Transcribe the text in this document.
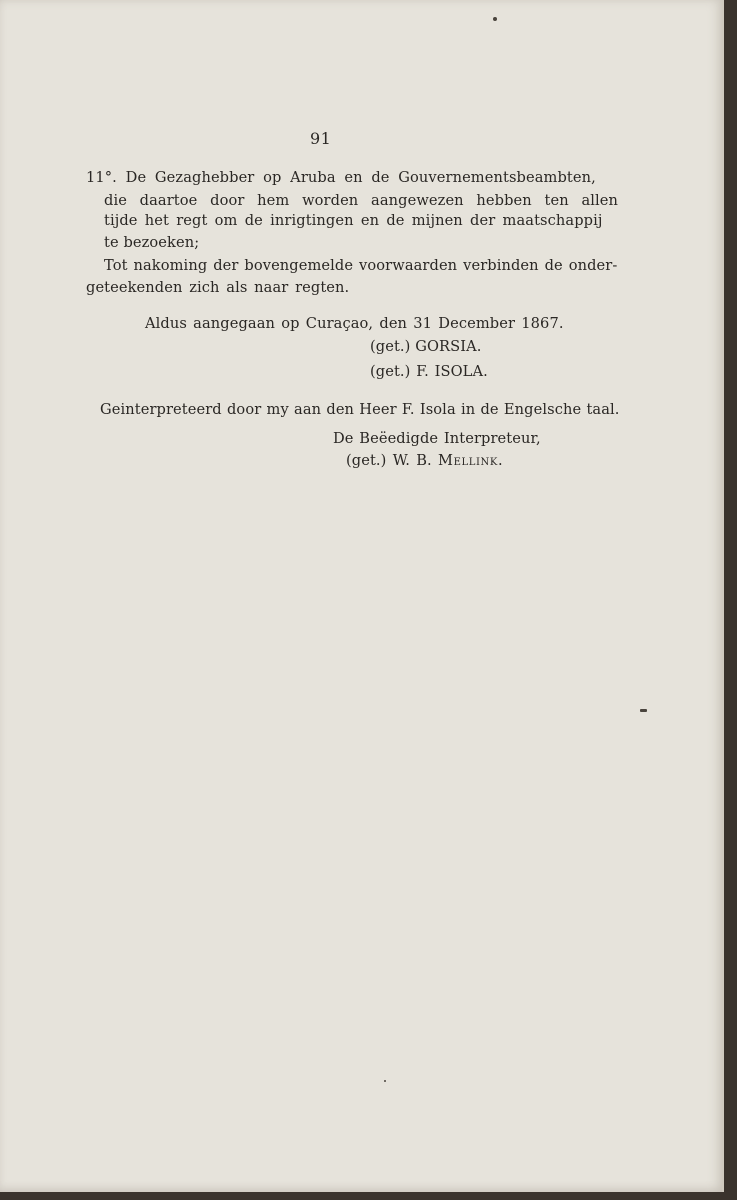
91
11°. De Gezaghebber op Aruba en de Gouvernementsbeambten,
die daartoe door hem worden aangewezen hebben ten allen
tijde het regt om de inrigtingen en de mijnen der maatschappij
te bezoeken;
Tot nakoming der bovengemelde voorwaarden verbinden de onder-
geteekenden zich als naar regten.
Aldus aangegaan op Curaçao, den 31 December 1867.
(get.) GORSIA.
(get.) F. ISOLA.
Geinterpreteerd door my aan den Heer F. Isola in de Engelsche taal.
De Beëedigde Interpreteur,
(get.) W. B. Mellink.
